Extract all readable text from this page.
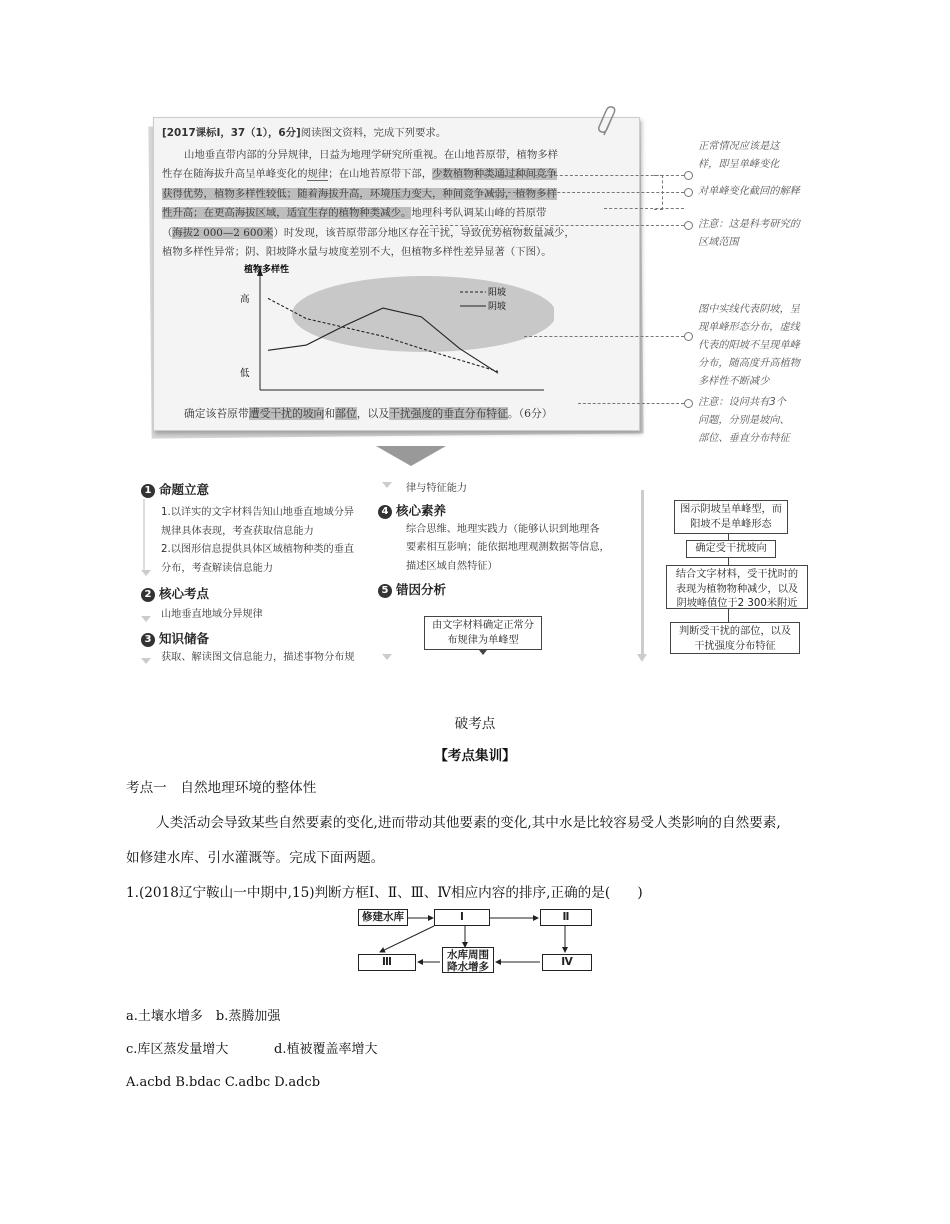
[2017课标Ⅰ，37（1），6分]阅读图文资料，完成下列要求。
山地垂直带内部的分异规律，日益为地理学研究所重视。在山地苔原带，植物多样
性存在随海拔升高呈单峰变化的规律；在山地苔原带下部，少数植物种类通过种间竞争
获得优势，植物多样性较低；随着海拔升高，环境压力变大，种间竞争减弱，植物多样
性升高；在更高海拔区域，适宜生存的植物种类减少。地理科考队调某山峰的苔原带
（海拔2 000—2 600米）时发现，该苔原带部分地区存在干扰，导致优势植物数量减少，
植物多样性异常；阴、阳坡降水量与坡度差别不大，但植物多样性差异显著（下图）。
植物多样性
高
低
阳坡
阴坡
确定该苔原带遭受干扰的坡向和部位，以及干扰强度的垂直分布特征。（6分）
正常情况应该是这
样，即呈单峰变化
对单峰变化截回的解释
注意：这是科考研究的
区域范围
图中实线代表阴坡，呈
现单峰形态分布，虚线
代表的阳坡不呈现单峰
分布，随高度升高植物
多样性不断减少
注意：设问共有3个
问题，分别是坡向、
部位、垂直分布特征
1 命题立意
1.以详实的文字材料告知山地垂直地域分异
规律具体表现，考查获取信息能力
2.以图形信息提供具体区域植物种类的垂直
分布，考查解读信息能力
2 核心考点
山地垂直地域分异规律
3 知识储备
获取、解读图文信息能力，描述事物分布规
律与特征能力
4 核心素养
综合思维、地理实践力（能够认识到地理各
要素相互影响；能依据地理观测数据等信息，
描述区域自然特征）
5 错因分析
由文字材料确定正常分布规律为单峰型
图示阴坡呈单峰型，而阳坡不是单峰形态
确定受干扰坡向
结合文字材料，受干扰时的表现为植物物种减少，以及阴坡峰值位于2 300米附近
判断受干扰的部位，以及干扰强度分布特征
破考点
【考点集训】
考点一　自然地理环境的整体性
人类活动会导致某些自然要素的变化,进而带动其他要素的变化,其中水是比较容易受人类影响的自然要素,
如修建水库、引水灌溉等。完成下面两题。
1.(2018辽宁鞍山一中期中,15)判断方框Ⅰ、Ⅱ、Ⅲ、Ⅳ相应内容的排序,正确的是(　　)
修建水库	Ⅰ	Ⅱ
Ⅲ
水库周围降水增多	Ⅳ
a.土壤水增多　b.蒸腾加强
c.库区蒸发量增大	d.植被覆盖率增大
A.acbd B.bdac C.adbc D.adcb
